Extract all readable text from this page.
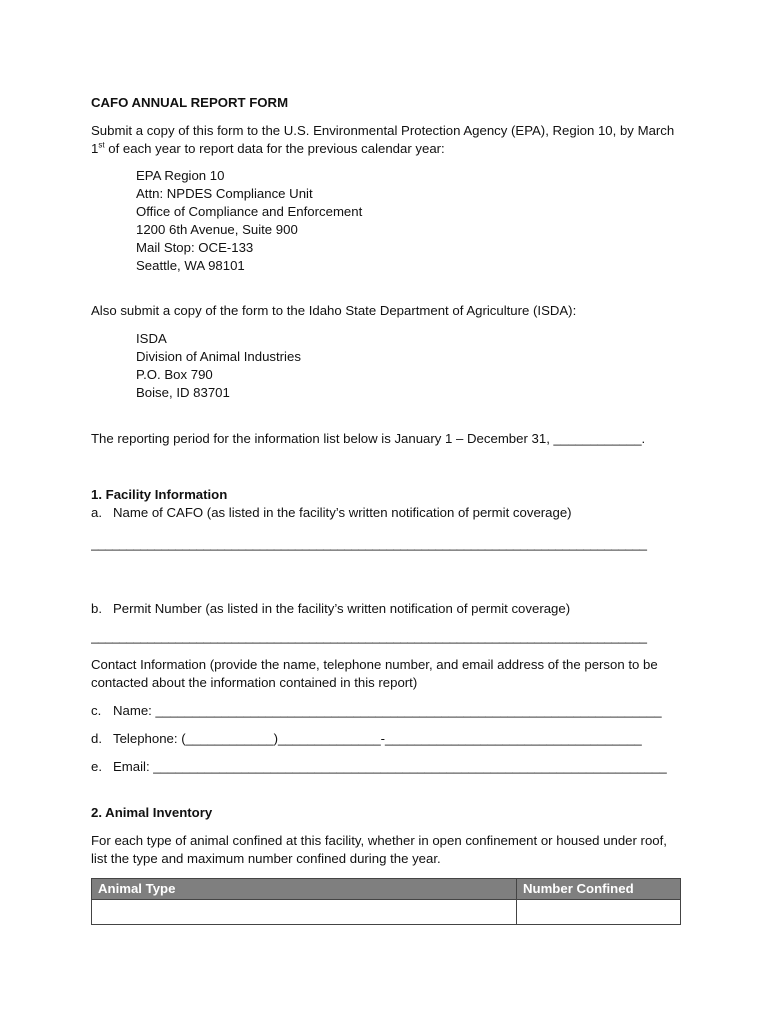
CAFO ANNUAL REPORT FORM

Submit a copy of this form to the U.S. Environmental Protection Agency (EPA), Region 10, by March 1st of each year to report data for the previous calendar year:

EPA Region 10
Attn: NPDES Compliance Unit
Office of Compliance and Enforcement
1200 6th Avenue, Suite 900
Mail Stop: OCE-133
Seattle, WA 98101

Also submit a copy of the form to the Idaho State Department of Agriculture (ISDA):

ISDA
Division of Animal Industries
P.O. Box 790
Boise, ID 83701

The reporting period for the information list below is January 1 – December 31, ____________.

1. Facility Information
a. Name of CAFO (as listed in the facility’s written notification of permit coverage)
_______________________________________________________________________________
b. Permit Number (as listed in the facility’s written notification of permit coverage)
_______________________________________________________________________________

Contact Information (provide the name, telephone number, and email address of the person to be contacted about the information contained in this report)

c. Name: _____________________________________________________________________
d. Telephone: (____________)______________-___________________________________
e. Email: ______________________________________________________________________
2. Animal Inventory

For each type of animal confined at this facility, whether in open confinement or housed under roof, list the type and maximum number confined during the year.

Animal Type	Number Confined
